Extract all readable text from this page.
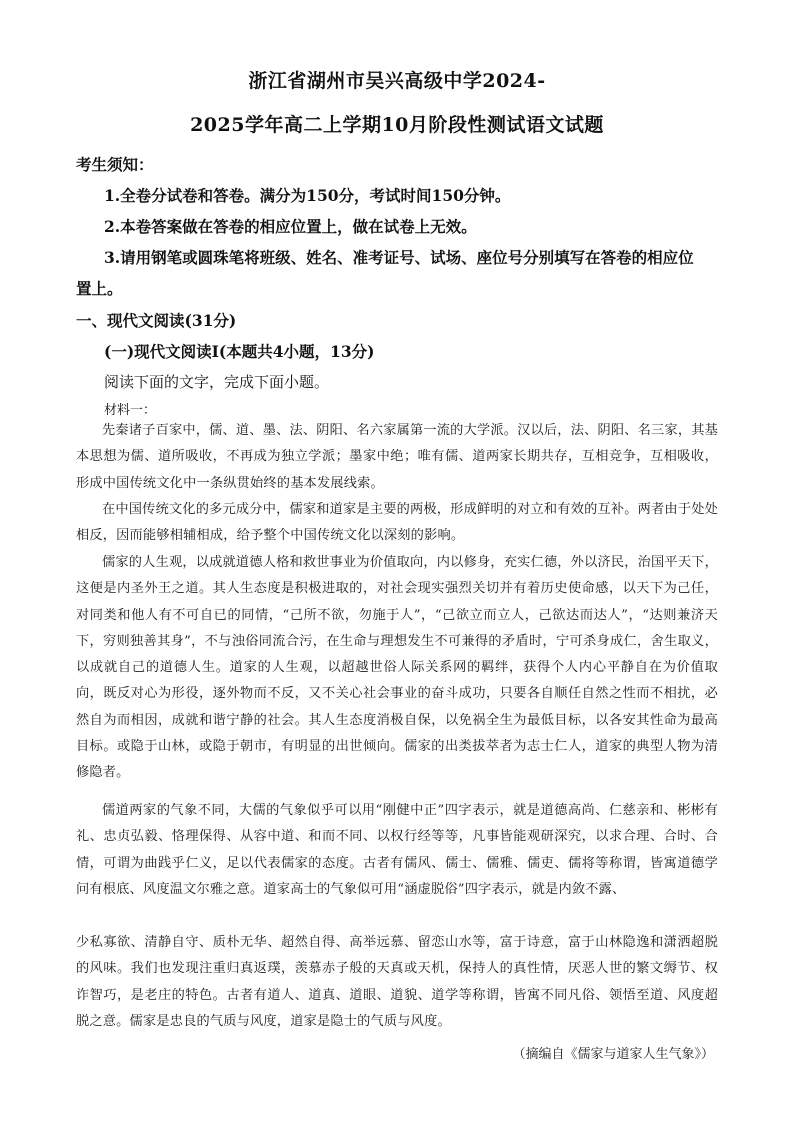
浙江省湖州市吴兴高级中学2024-
2025学年高二上学期10月阶段性测试语文试题
考生须知：
1.全卷分试卷和答卷。满分为150分，考试时间150分钟。
2.本卷答案做在答卷的相应位置上，做在试卷上无效。
3.请用钢笔或圆珠笔将班级、姓名、准考证号、试场、座位号分别填写在答卷的相应位
置上。
一、现代文阅读(31分)
(一)现代文阅读Ⅰ(本题共4小题，13分)
阅读下面的文字，完成下面小题。
材料一：
先秦诸子百家中，儒、道、墨、法、阴阳、名六家属第一流的大学派。汉以后，法、阴阳、名三家，其基本思想为儒、道所吸收，不再成为独立学派；墨家中绝；唯有儒、道两家长期共存，互相竞争，互相吸收，形成中国传统文化中一条纵贯始终的基本发展线索。
在中国传统文化的多元成分中，儒家和道家是主要的两极，形成鲜明的对立和有效的互补。两者由于处处相反，因而能够相辅相成，给予整个中国传统文化以深刻的影响。
儒家的人生观，以成就道德人格和救世事业为价值取向，内以修身，充实仁德，外以济民，治国平天下，这便是内圣外王之道。其人生态度是积极进取的，对社会现实强烈关切并有着历史使命感，以天下为己任，对同类和他人有不可自已的同情，“己所不欲，勿施于人”，“己欲立而立人，己欲达而达人”，“达则兼济天下，穷则独善其身”，不与浊俗同流合污，在生命与理想发生不可兼得的矛盾时，宁可杀身成仁，舍生取义，以成就自己的道德人生。道家的人生观，以超越世俗人际关系网的羁绊，获得个人内心平静自在为价值取向，既反对心为形役，逐外物而不反，又不关心社会事业的奋斗成功，只要各自顺任自然之性而不相扰，必然自为而相因，成就和谐宁静的社会。其人生态度消极自保，以免祸全生为最低目标，以各安其性命为最高目标。或隐于山林，或隐于朝市，有明显的出世倾向。儒家的出类拔萃者为志士仁人，道家的典型人物为清修隐者。
儒道两家的气象不同，大儒的气象似乎可以用“刚健中正”四字表示，就是道德高尚、仁慈亲和、彬彬有礼、忠贞弘毅、恪理保得、从容中道、和而不同、以权行经等等，凡事皆能观研深究，以求合理、合时、合情，可谓为曲践乎仁义，足以代表儒家的态度。古者有儒风、儒士、儒雅、儒吏、儒将等称谓，皆寓道德学问有根底、风度温文尔雅之意。道家高士的气象似可用“涵虚脱俗”四字表示，就是内敛不露、
少私寡欲、清静自守、质朴无华、超然自得、高举远慕、留恋山水等，富于诗意，富于山林隐逸和潇洒超脱的风味。我们也发现注重归真返璞，羡慕赤子般的天真或天机，保持人的真性情，厌恶人世的繁文缛节、权诈智巧，是老庄的特色。古者有道人、道真、道眼、道貌、道学等称谓，皆寓不同凡俗、领悟至道、风度超脱之意。儒家是忠良的气质与风度，道家是隐士的气质与风度。
（摘编自《儒家与道家人生气象》）
